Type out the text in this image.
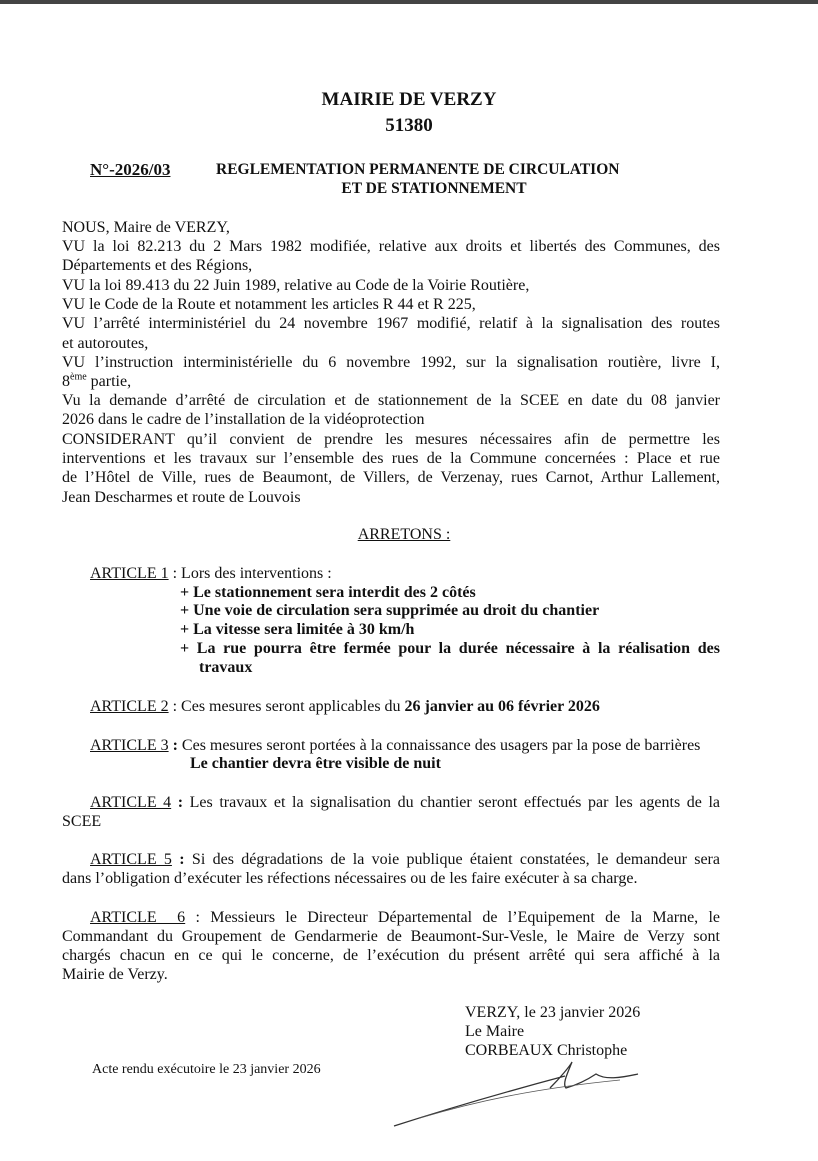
MAIRIE DE VERZY
51380
N°-2026/03	REGLEMENTATION PERMANENTE DE CIRCULATION
ET DE STATIONNEMENT
NOUS, Maire de VERZY,
VU la loi 82.213 du 2 Mars 1982 modifiée, relative aux droits et libertés des Communes, des
Départements et des Régions,
VU la loi 89.413 du 22 Juin 1989, relative au Code de la Voirie Routière,
VU le Code de la Route et notamment les articles R 44 et R 225,
VU l’arrêté interministériel du 24 novembre 1967 modifié, relatif à la signalisation des routes
et autoroutes,
VU l’instruction interministérielle du 6 novembre 1992, sur la signalisation routière, livre I,
8ème partie,
Vu la demande d’arrêté de circulation et de stationnement de la SCEE en date du 08 janvier
2026 dans le cadre de l’installation de la vidéoprotection
CONSIDERANT qu’il convient de prendre les mesures nécessaires afin de permettre les
interventions et les travaux sur l’ensemble des rues de la Commune concernées : Place et rue
de l’Hôtel de Ville, rues de Beaumont, de Villers, de Verzenay, rues Carnot, Arthur Lallement,
Jean Descharmes et route de Louvois
ARRETONS :
ARTICLE 1 : Lors des interventions :
+ Le stationnement sera interdit des 2 côtés
+ Une voie de circulation sera supprimée au droit du chantier
+ La vitesse sera limitée à 30 km/h
+ La rue pourra être fermée pour la durée nécessaire à la réalisation des
travaux
ARTICLE 2 : Ces mesures seront applicables du 26 janvier au 06 février 2026
ARTICLE 3 : Ces mesures seront portées à la connaissance des usagers par la pose de barrières
Le chantier devra être visible de nuit
ARTICLE 4 : Les travaux et la signalisation du chantier seront effectués par les agents de la
SCEE
ARTICLE 5 : Si des dégradations de la voie publique étaient constatées, le demandeur sera
dans l’obligation d’exécuter les réfections nécessaires ou de les faire exécuter à sa charge.
ARTICLE  6 : Messieurs le Directeur Départemental de l’Equipement de la Marne, le
Commandant du Groupement de Gendarmerie de Beaumont-Sur-Vesle, le Maire de Verzy sont
chargés chacun en ce qui le concerne, de l’exécution du présent arrêté qui sera affiché à la
Mairie de Verzy.
VERZY, le 23 janvier 2026
Le Maire
CORBEAUX Christophe
Acte rendu exécutoire le 23 janvier 2026
